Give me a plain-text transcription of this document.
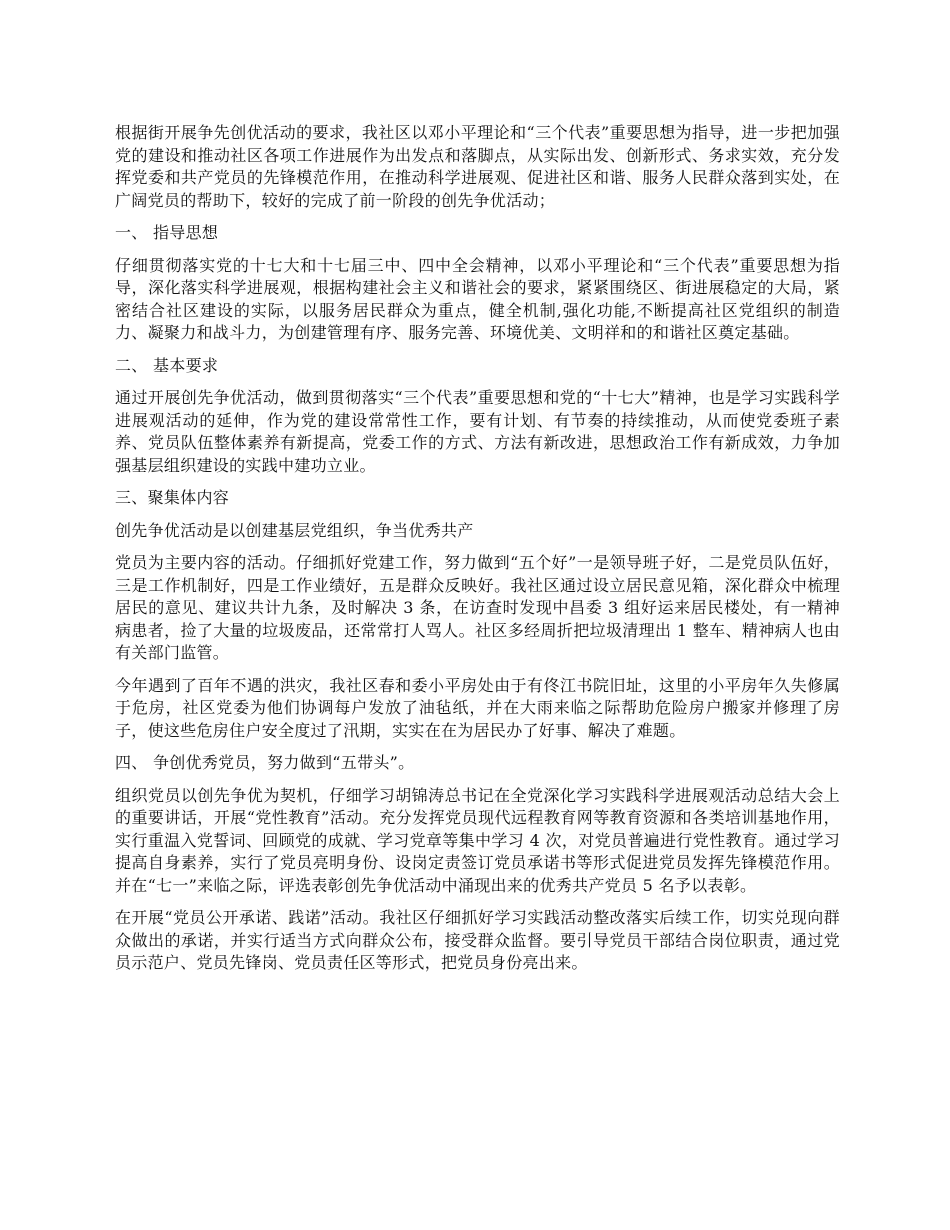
根据街开展争先创优活动的要求，我社区以邓小平理论和“三个代表”重要思想为指导，进一步把加强党的建设和推动社区各项工作进展作为出发点和落脚点，从实际出发、创新形式、务求实效，充分发挥党委和共产党员的先锋模范作用，在推动科学进展观、促进社区和谐、服务人民群众落到实处，在广阔党员的帮助下，较好的完成了前一阶段的创先争优活动；

一、 指导思想

仔细贯彻落实党的十七大和十七届三中、四中全会精神，以邓小平理论和“三个代表”重要思想为指导，深化落实科学进展观，根据构建社会主义和谐社会的要求，紧紧围绕区、街进展稳定的大局，紧密结合社区建设的实际，以服务居民群众为重点，健全机制,强化功能,不断提高社区党组织的制造力、凝聚力和战斗力，为创建管理有序、服务完善、环境优美、文明祥和的和谐社区奠定基础。

二、 基本要求

通过开展创先争优活动，做到贯彻落实“三个代表”重要思想和党的“十七大”精神，也是学习实践科学进展观活动的延伸，作为党的建设常常性工作，要有计划、有节奏的持续推动，从而使党委班子素养、党员队伍整体素养有新提高，党委工作的方式、方法有新改进，思想政治工作有新成效，力争加强基层组织建设的实践中建功立业。

三、聚集体内容

创先争优活动是以创建基层党组织，争当优秀共产

党员为主要内容的活动。仔细抓好党建工作，努力做到“五个好”一是领导班子好，二是党员队伍好，三是工作机制好，四是工作业绩好，五是群众反映好。我社区通过设立居民意见箱，深化群众中梳理居民的意见、建议共计九条，及时解决 3 条，在访查时发现中昌委 3 组好运来居民楼处，有一精神病患者，捡了大量的垃圾废品，还常常打人骂人。社区多经周折把垃圾清理出 1 整车、精神病人也由有关部门监管。

今年遇到了百年不遇的洪灾，我社区春和委小平房处由于有佟江书院旧址，这里的小平房年久失修属于危房，社区党委为他们协调每户发放了油毡纸，并在大雨来临之际帮助危险房户搬家并修理了房子，使这些危房住户安全度过了汛期，实实在在为居民办了好事、解决了难题。

四、 争创优秀党员，努力做到“五带头”。

组织党员以创先争优为契机，仔细学习胡锦涛总书记在全党深化学习实践科学进展观活动总结大会上的重要讲话，开展“党性教育”活动。充分发挥党员现代远程教育网等教育资源和各类培训基地作用，实行重温入党誓词、回顾党的成就、学习党章等集中学习 4 次，对党员普遍进行党性教育。通过学习提高自身素养，实行了党员亮明身份、设岗定责签订党员承诺书等形式促进党员发挥先锋模范作用。并在“七一”来临之际，评选表彰创先争优活动中涌现出来的优秀共产党员 5 名予以表彰。

在开展“党员公开承诺、践诺”活动。我社区仔细抓好学习实践活动整改落实后续工作，切实兑现向群众做出的承诺，并实行适当方式向群众公布，接受群众监督。要引导党员干部结合岗位职责，通过党员示范户、党员先锋岗、党员责任区等形式，把党员身份亮出来。
